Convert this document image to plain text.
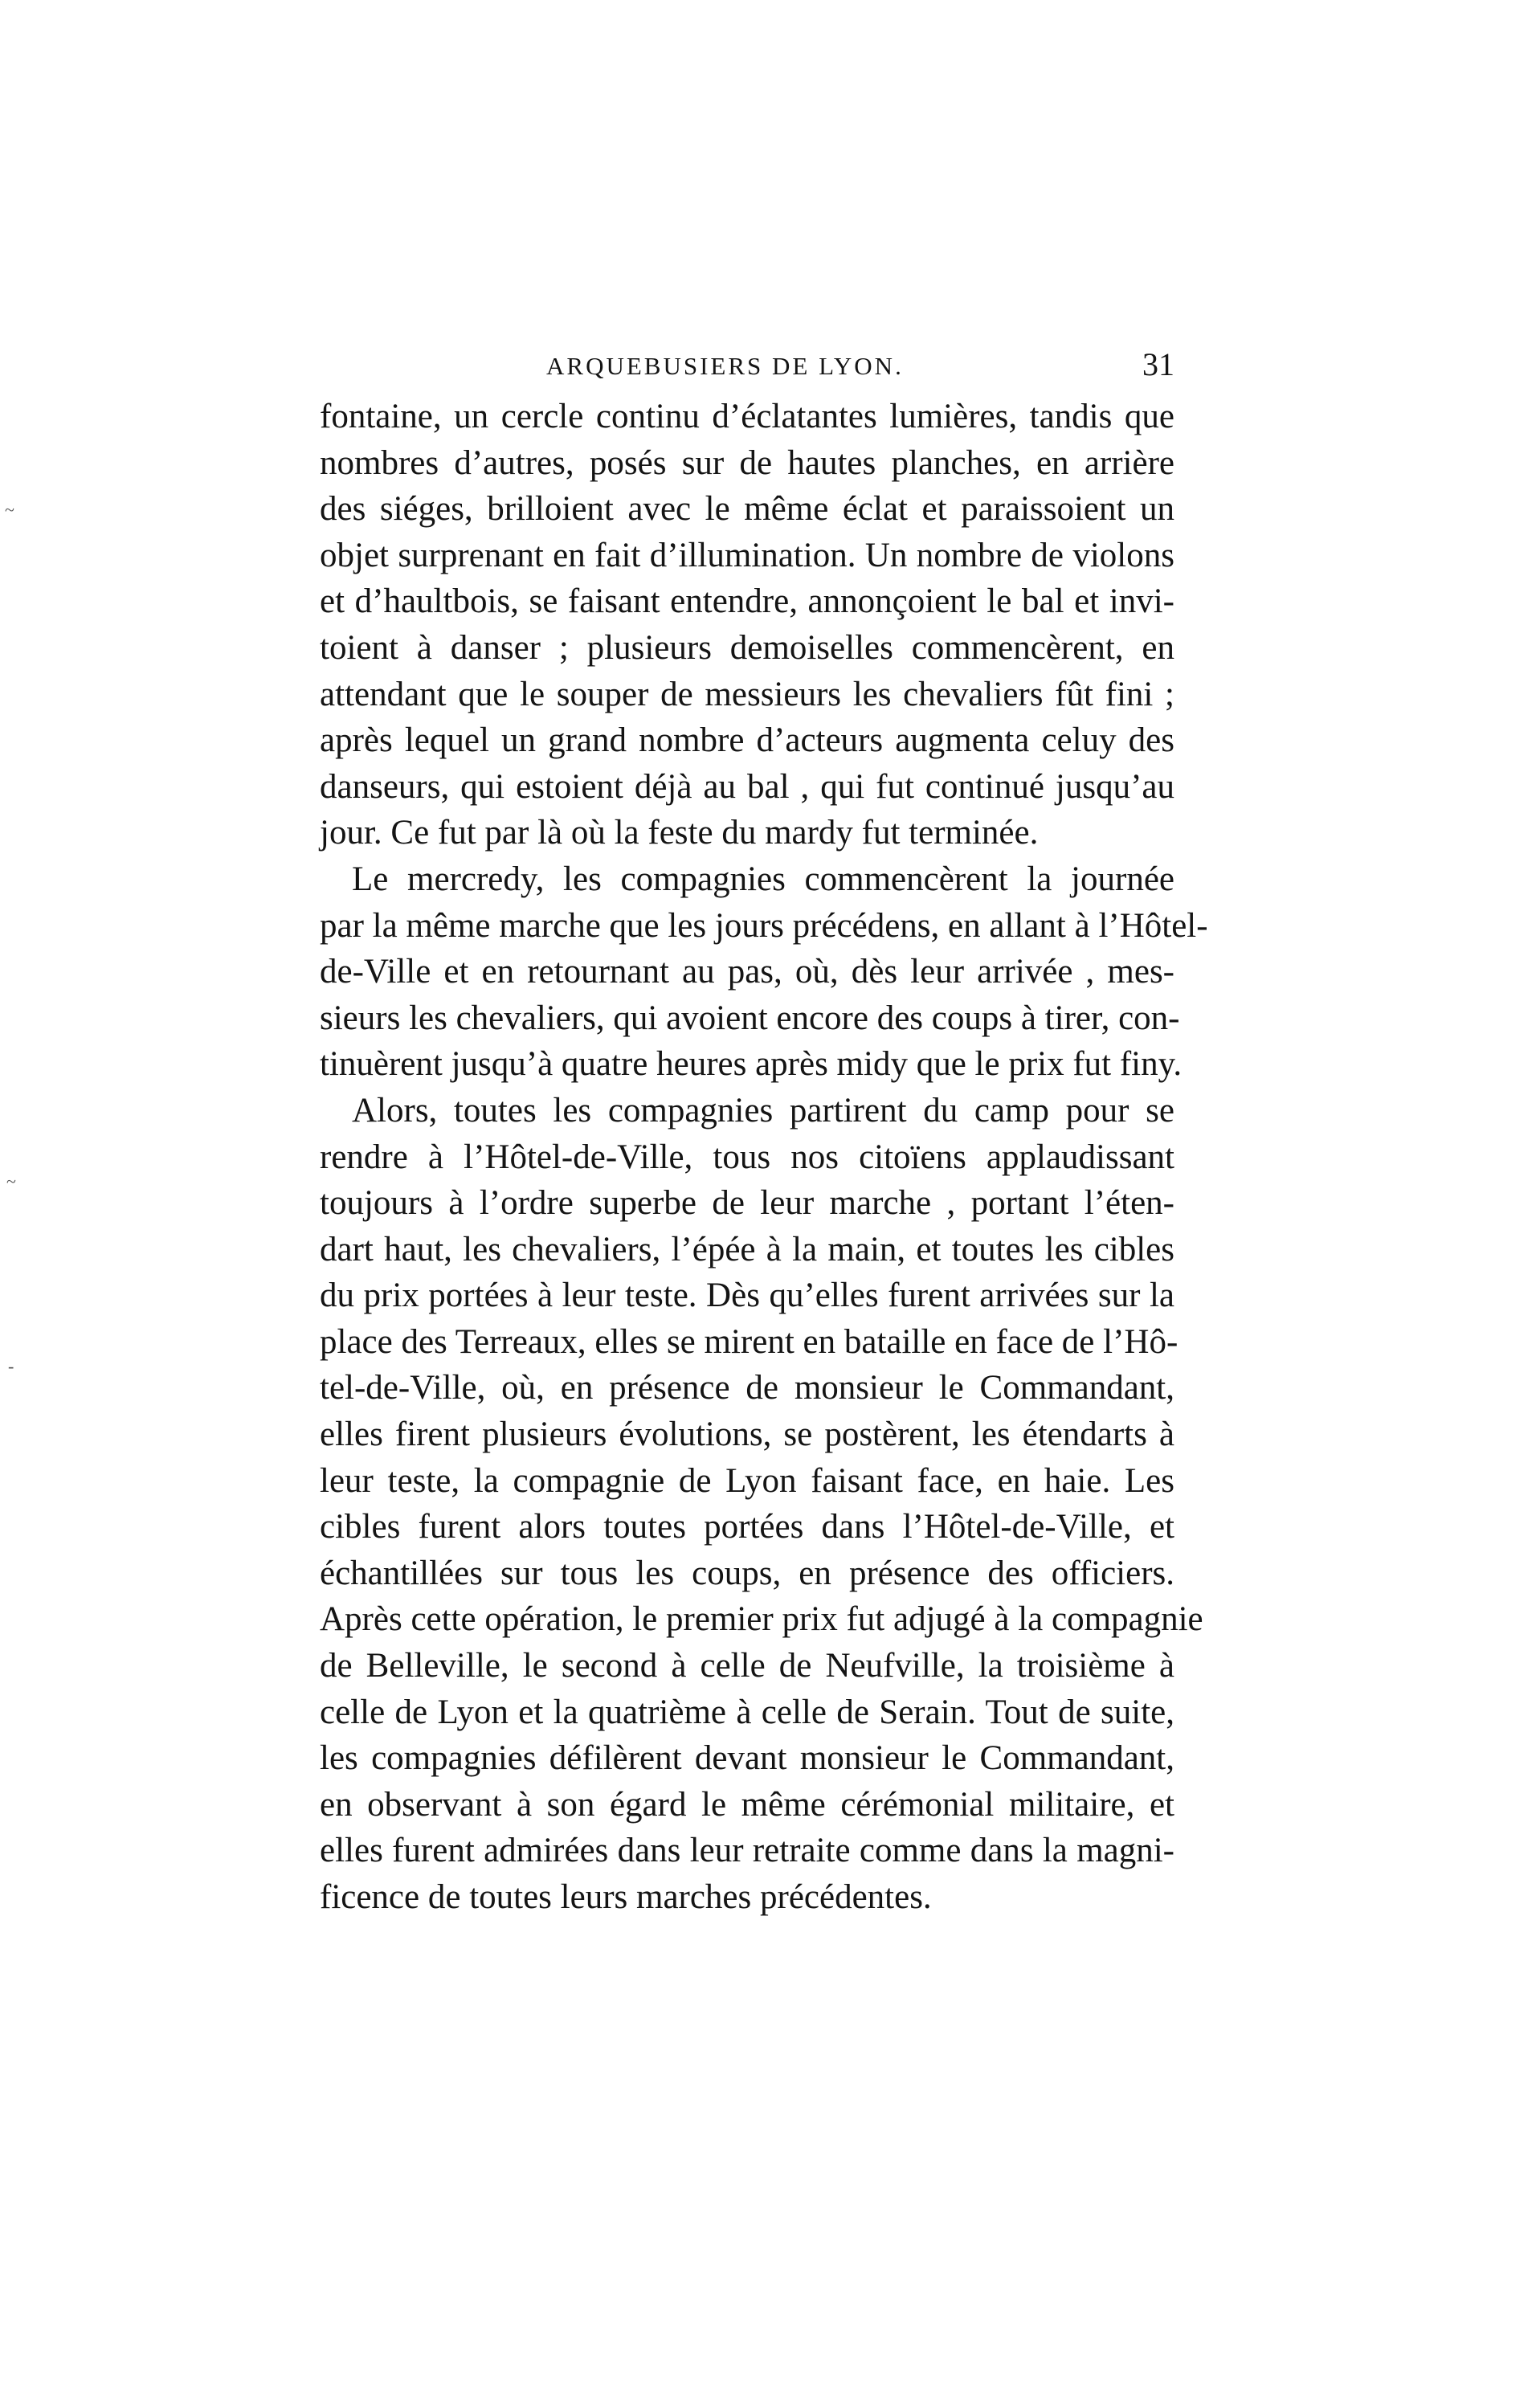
ARQUEBUSIERS DE LYON.	31
fontaine, un cercle continu d’éclatantes lumières, tandis que
nombres d’autres, posés sur de hautes planches, en arrière
des siéges, brilloient avec le même éclat et paraissoient un
objet surprenant en fait d’illumination. Un nombre de violons
et d’haultbois, se faisant entendre, annonçoient le bal et invi-
toient à danser ; plusieurs demoiselles commencèrent, en
attendant que le souper de messieurs les chevaliers fût fini ;
après lequel un grand nombre d’acteurs augmenta celuy des
danseurs, qui estoient déjà au bal , qui fut continué jusqu’au
jour. Ce fut par là où la feste du mardy fut terminée.
Le mercredy, les compagnies commencèrent la journée
par la même marche que les jours précédens, en allant à l’Hôtel-
de-Ville et en retournant au pas, où, dès leur arrivée , mes-
sieurs les chevaliers, qui avoient encore des coups à tirer, con-
tinuèrent jusqu’à quatre heures après midy que le prix fut finy.
Alors, toutes les compagnies partirent du camp pour se
rendre à l’Hôtel-de-Ville, tous nos citoïens applaudissant
toujours à l’ordre superbe de leur marche , portant l’éten-
dart haut, les chevaliers, l’épée à la main, et toutes les cibles
du prix portées à leur teste. Dès qu’elles furent arrivées sur la
place des Terreaux, elles se mirent en bataille en face de l’Hô-
tel-de-Ville, où, en présence de monsieur le Commandant,
elles firent plusieurs évolutions, se postèrent, les étendarts à
leur teste, la compagnie de Lyon faisant face, en haie. Les
cibles furent alors toutes portées dans l’Hôtel-de-Ville, et
échantillées sur tous les coups, en présence des officiers.
Après cette opération, le premier prix fut adjugé à la compagnie
de Belleville, le second à celle de Neufville, la troisième à
celle de Lyon et la quatrième à celle de Serain. Tout de suite,
les compagnies défilèrent devant monsieur le Commandant,
en observant à son égard le même cérémonial militaire, et
elles furent admirées dans leur retraite comme dans la magni-
ficence de toutes leurs marches précédentes.
~
~
-
